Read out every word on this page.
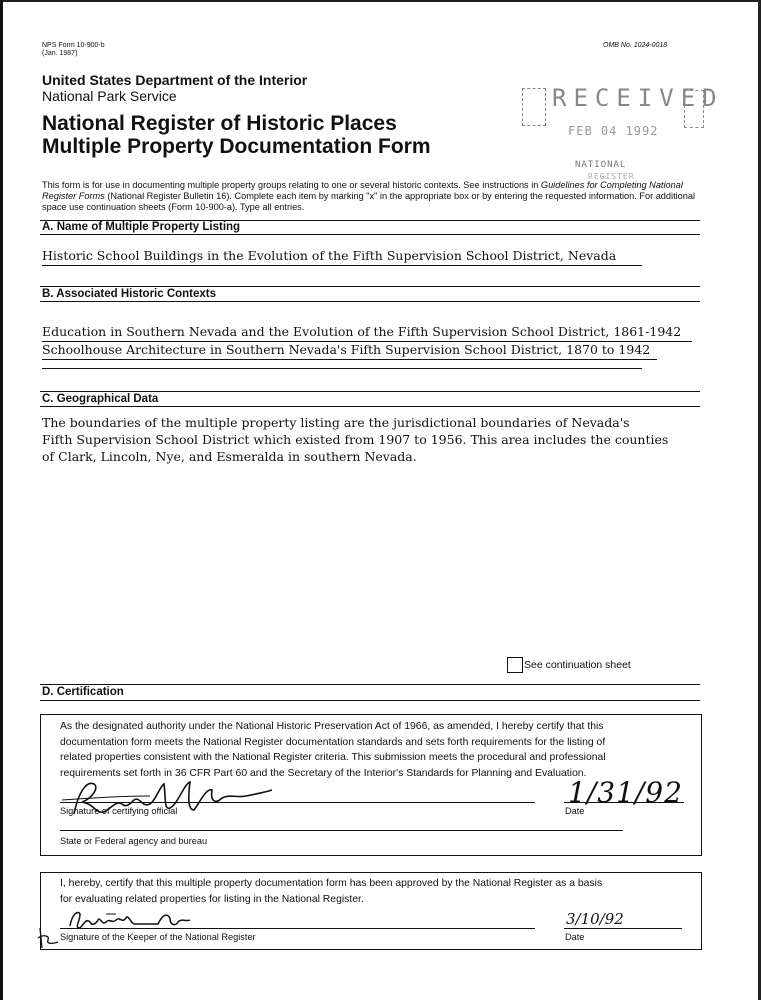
NPS Form 10-900-b
(Jan. 1987)
OMB No. 1024-0018
United States Department of the Interior
National Park Service
National Register of Historic Places
Multiple Property Documentation Form
RECEIVED
FEB 04 1992
NATIONAL
REGISTER
This form is for use in documenting multiple property groups relating to one or several historic contexts. See instructions in Guidelines for Completing National Register Forms (National Register Bulletin 16). Complete each item by marking "x" in the appropriate box or by entering the requested information. For additional space use continuation sheets (Form 10-900-a). Type all entries.
A. Name of Multiple Property Listing
Historic School Buildings in the Evolution of the Fifth Supervision School District, Nevada
B. Associated Historic Contexts
Education in Southern Nevada and the Evolution of the Fifth Supervision School District, 1861-1942
Schoolhouse Architecture in Southern Nevada's Fifth Supervision School District, 1870 to 1942
C. Geographical Data
The boundaries of the multiple property listing are the jurisdictional boundaries of Nevada's
Fifth Supervision School District which existed from 1907 to 1956. This area includes the counties
of Clark, Lincoln, Nye, and Esmeralda in southern Nevada.
See continuation sheet
D. Certification
As the designated authority under the National Historic Preservation Act of 1966, as amended, I hereby certify that this
documentation form meets the National Register documentation standards and sets forth requirements for the listing of
related properties consistent with the National Register criteria. This submission meets the procedural and professional
requirements set forth in 36 CFR Part 60 and the Secretary of the Interior's Standards for Planning and Evaluation.
Signature of certifying official
1/31/92
Date
State or Federal agency and bureau
I, hereby, certify that this multiple property documentation form has been approved by the National Register as a basis
for evaluating related properties for listing in the National Register.
Signature of the Keeper of the National Register
3/10/92
Date
